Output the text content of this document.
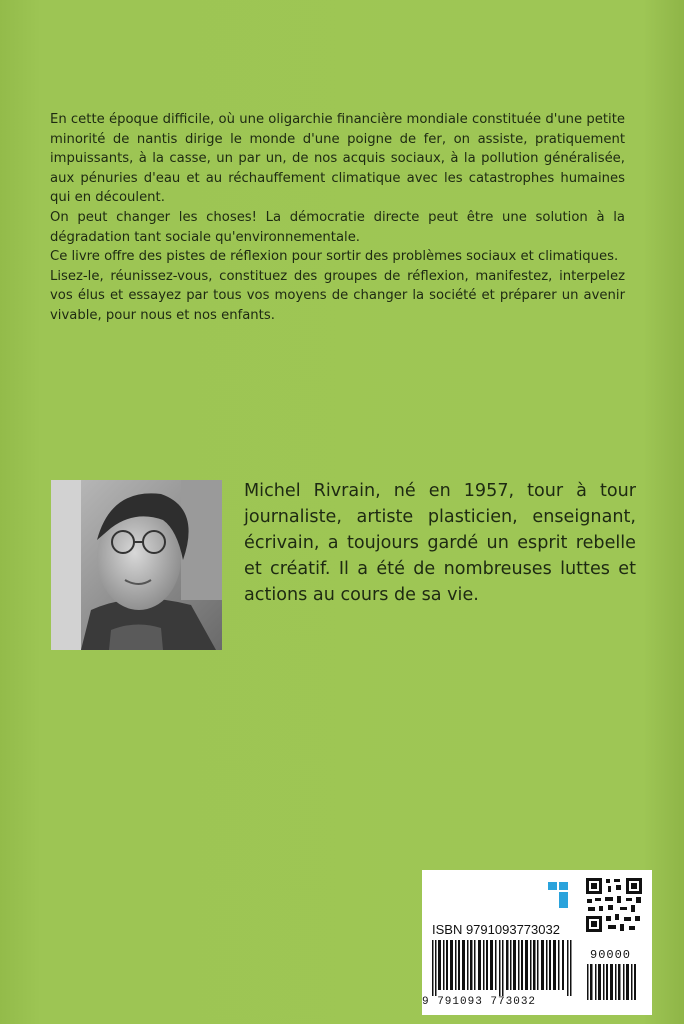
En cette époque difficile, où une oligarchie financière mondiale constituée d'une petite minorité de nantis dirige le monde d'une poigne de fer, on assiste, pratiquement impuissants, à la casse, un par un, de nos acquis sociaux, à la pollution généralisée, aux pénuries d'eau et au réchauffement climatique avec les catastrophes humaines qui en découlent.

On peut changer les choses! La démocratie directe peut être une solution à la dégradation tant sociale qu'environnementale.

Ce livre offre des pistes de réflexion pour sortir des problèmes sociaux et climatiques.

Lisez-le, réunissez-vous, constituez des groupes de réflexion, manifestez, interpelez vos élus et essayez par tous vos moyens de changer la société et préparer un avenir vivable, pour nous et nos enfants.

Michel Rivrain, né en 1957, tour à tour journaliste, artiste plasticien, enseignant, écrivain, a toujours gardé un esprit rebelle et créatif. Il a été de nombreuses luttes et actions au cours de sa vie.

ISBN 9791093773032
90000
9 791093 773032
